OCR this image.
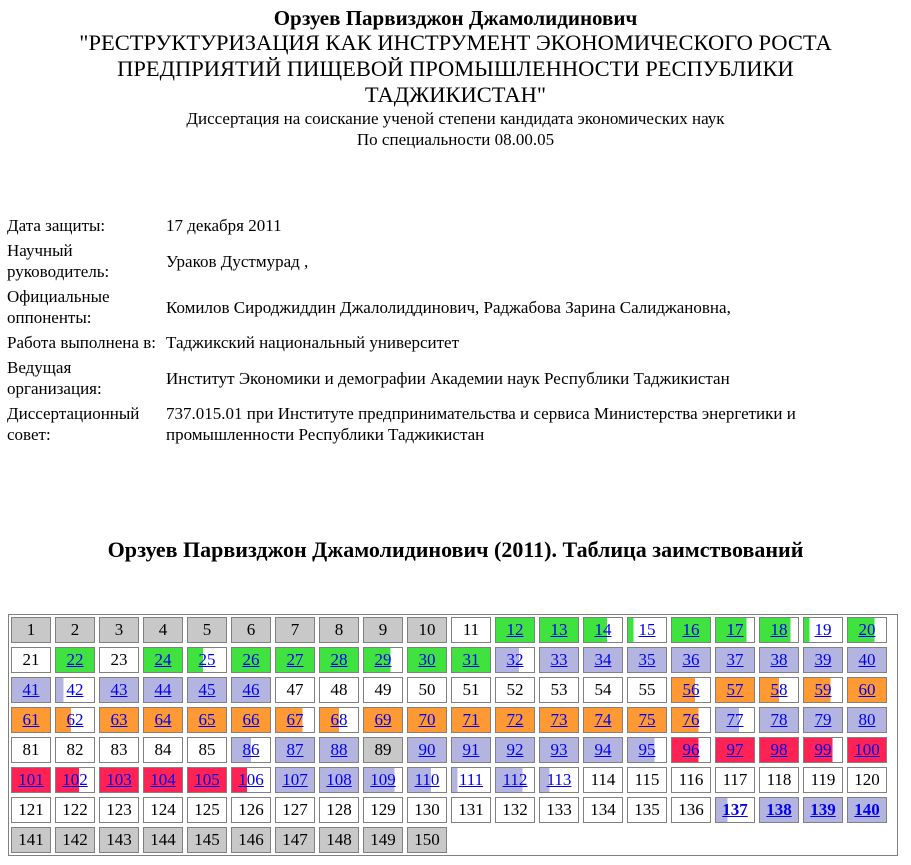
Орзуев Парвизджон Джамолидинович
"РЕСТРУКТУРИЗАЦИЯ КАК ИНСТРУМЕНТ ЭКОНОМИЧЕСКОГО РОСТА ПРЕДПРИЯТИЙ ПИЩЕВОЙ ПРОМЫШЛЕННОСТИ РЕСПУБЛИКИ ТАДЖИКИСТАН"
Диссертация на соискание ученой степени кандидата экономических наук
По специальности 08.00.05
Дата защиты:	17 декабря 2011
Научный руководитель:	Ураков Дустмурад ,
Официальные оппоненты:	Комилов Сироджиддин Джалолиддинович, Раджабова Зарина Салиджановна,
Работа выполнена в:	Таджикский национальный университет
Ведущая организация:	Институт Экономики и демографии Академии наук Республики Таджикистан
Диссертационный совет:	737.015.01 при Институте предпринимательства и сервиса Министерства энергетики и промышленности Республики Таджикистан
Орзуев Парвизджон Джамолидинович (2011). Таблица заимствований
1 2 3 4 5 6 7 8 9 10 11 12 13 14 15 16 17 18 19 20
21 22 23 24 25 26 27 28 29 30 31 32 33 34 35 36 37 38 39 40
41 42 43 44 45 46 47 48 49 50 51 52 53 54 55 56 57 58 59 60
61 62 63 64 65 66 67 68 69 70 71 72 73 74 75 76 77 78 79 80
81 82 83 84 85 86 87 88 89 90 91 92 93 94 95 96 97 98 99 100
101 102 103 104 105 106 107 108 109 110 111 112 113 114 115 116 117 118 119 120
121 122 123 124 125 126 127 128 129 130 131 132 133 134 135 136 137 138 139 140
141 142 143 144 145 146 147 148 149 150
